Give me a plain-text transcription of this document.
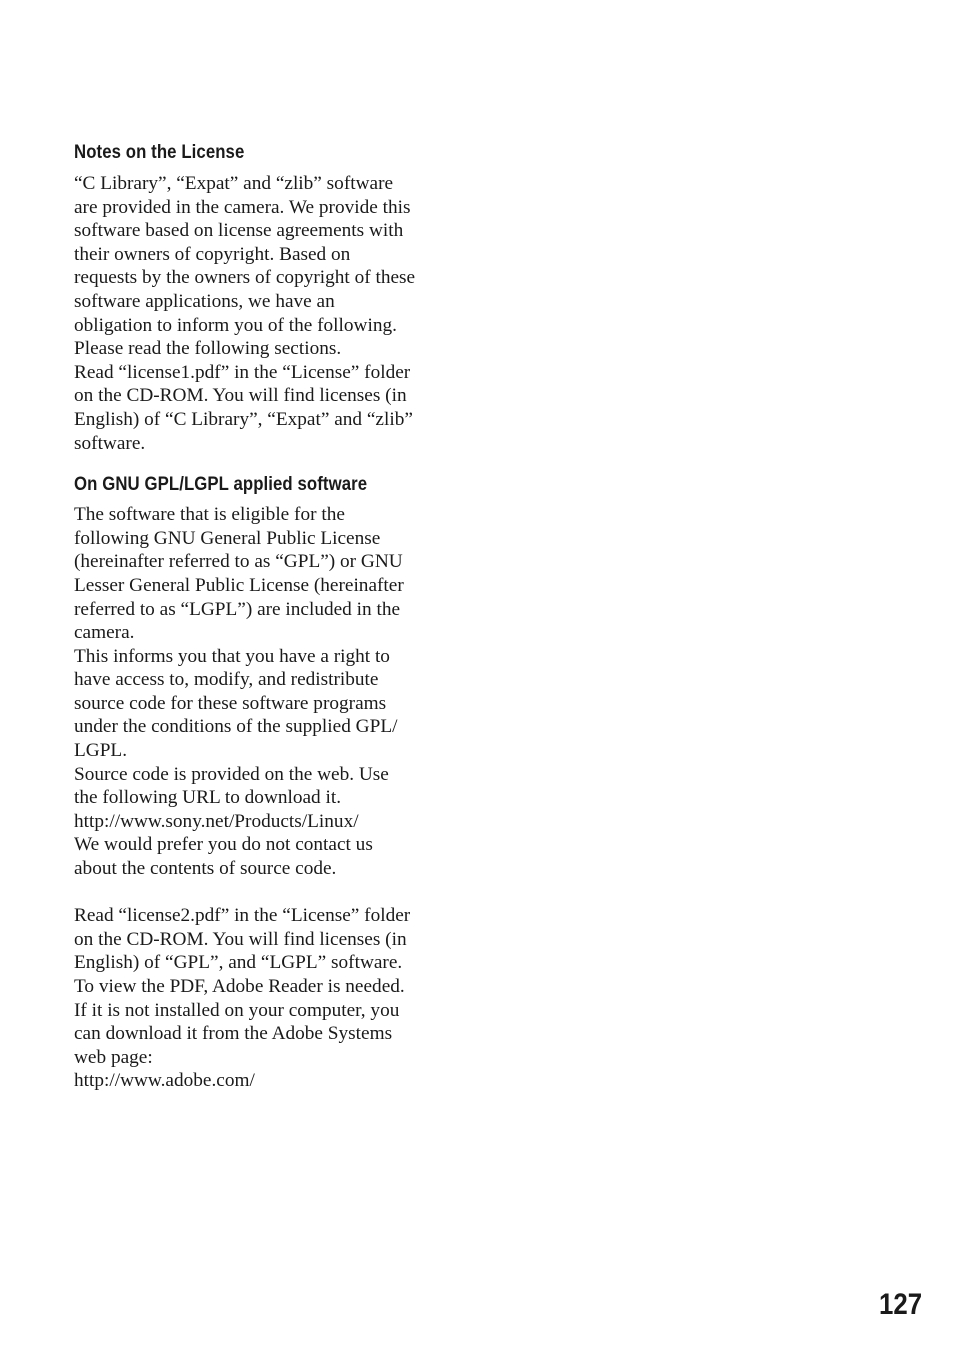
Notes on the License

“C Library”, “Expat” and “zlib” software
are provided in the camera. We provide this
software based on license agreements with
their owners of copyright. Based on
requests by the owners of copyright of these
software applications, we have an
obligation to inform you of the following.
Please read the following sections.
Read “license1.pdf” in the “License” folder
on the CD-ROM. You will find licenses (in
English) of “C Library”, “Expat” and “zlib”
software.

On GNU GPL/LGPL applied software

The software that is eligible for the
following GNU General Public License
(hereinafter referred to as “GPL”) or GNU
Lesser General Public License (hereinafter
referred to as “LGPL”) are included in the
camera.
This informs you that you have a right to
have access to, modify, and redistribute
source code for these software programs
under the conditions of the supplied GPL/
LGPL.
Source code is provided on the web. Use
the following URL to download it.
http://www.sony.net/Products/Linux/
We would prefer you do not contact us
about the contents of source code.
Read “license2.pdf” in the “License” folder
on the CD-ROM. You will find licenses (in
English) of “GPL”, and “LGPL” software.
To view the PDF, Adobe Reader is needed.
If it is not installed on your computer, you
can download it from the Adobe Systems
web page:
http://www.adobe.com/

127
